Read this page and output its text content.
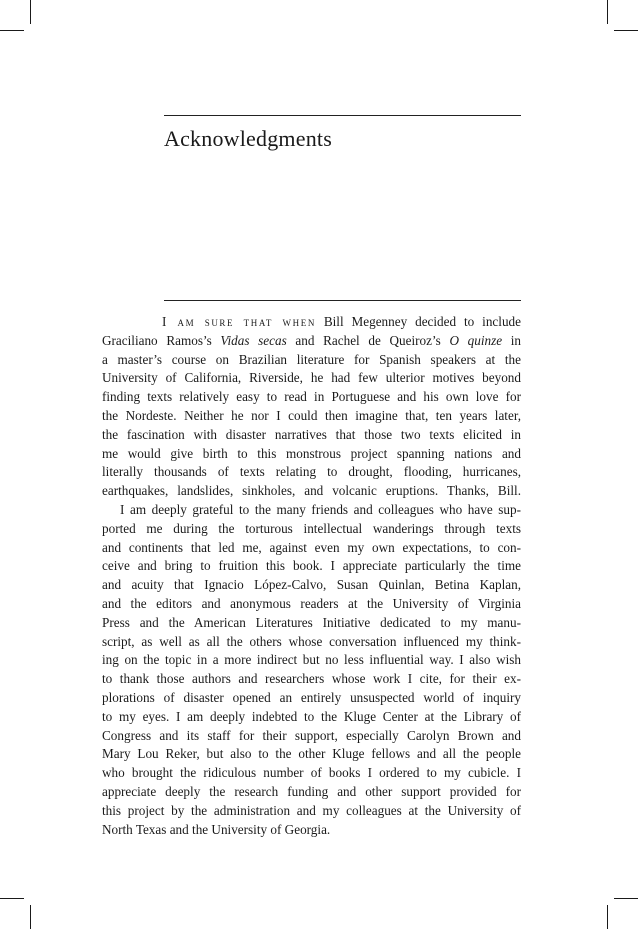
Acknowledgments
I am sure that when Bill Megenney decided to include
Graciliano Ramos’s Vidas secas and Rachel de Queiroz’s O quinze in
a master’s course on Brazilian literature for Spanish speakers at the
University of California, Riverside, he had few ulterior motives beyond
finding texts relatively easy to read in Portuguese and his own love for
the Nordeste. Neither he nor I could then imagine that, ten years later,
the fascination with disaster narratives that those two texts elicited in
me would give birth to this monstrous project spanning nations and
literally thousands of texts relating to drought, flooding, hurricanes,
earthquakes, landslides, sinkholes, and volcanic eruptions. Thanks, Bill.
I am deeply grateful to the many friends and colleagues who have sup-
ported me during the torturous intellectual wanderings through texts
and continents that led me, against even my own expectations, to con-
ceive and bring to fruition this book. I appreciate particularly the time
and acuity that Ignacio López-Calvo, Susan Quinlan, Betina Kaplan,
and the editors and anonymous readers at the University of Virginia
Press and the American Literatures Initiative dedicated to my manu-
script, as well as all the others whose conversation influenced my think-
ing on the topic in a more indirect but no less influential way. I also wish
to thank those authors and researchers whose work I cite, for their ex-
plorations of disaster opened an entirely unsuspected world of inquiry
to my eyes. I am deeply indebted to the Kluge Center at the Library of
Congress and its staff for their support, especially Carolyn Brown and
Mary Lou Reker, but also to the other Kluge fellows and all the people
who brought the ridiculous number of books I ordered to my cubicle. I
appreciate deeply the research funding and other support provided for
this project by the administration and my colleagues at the University of
North Texas and the University of Georgia.
